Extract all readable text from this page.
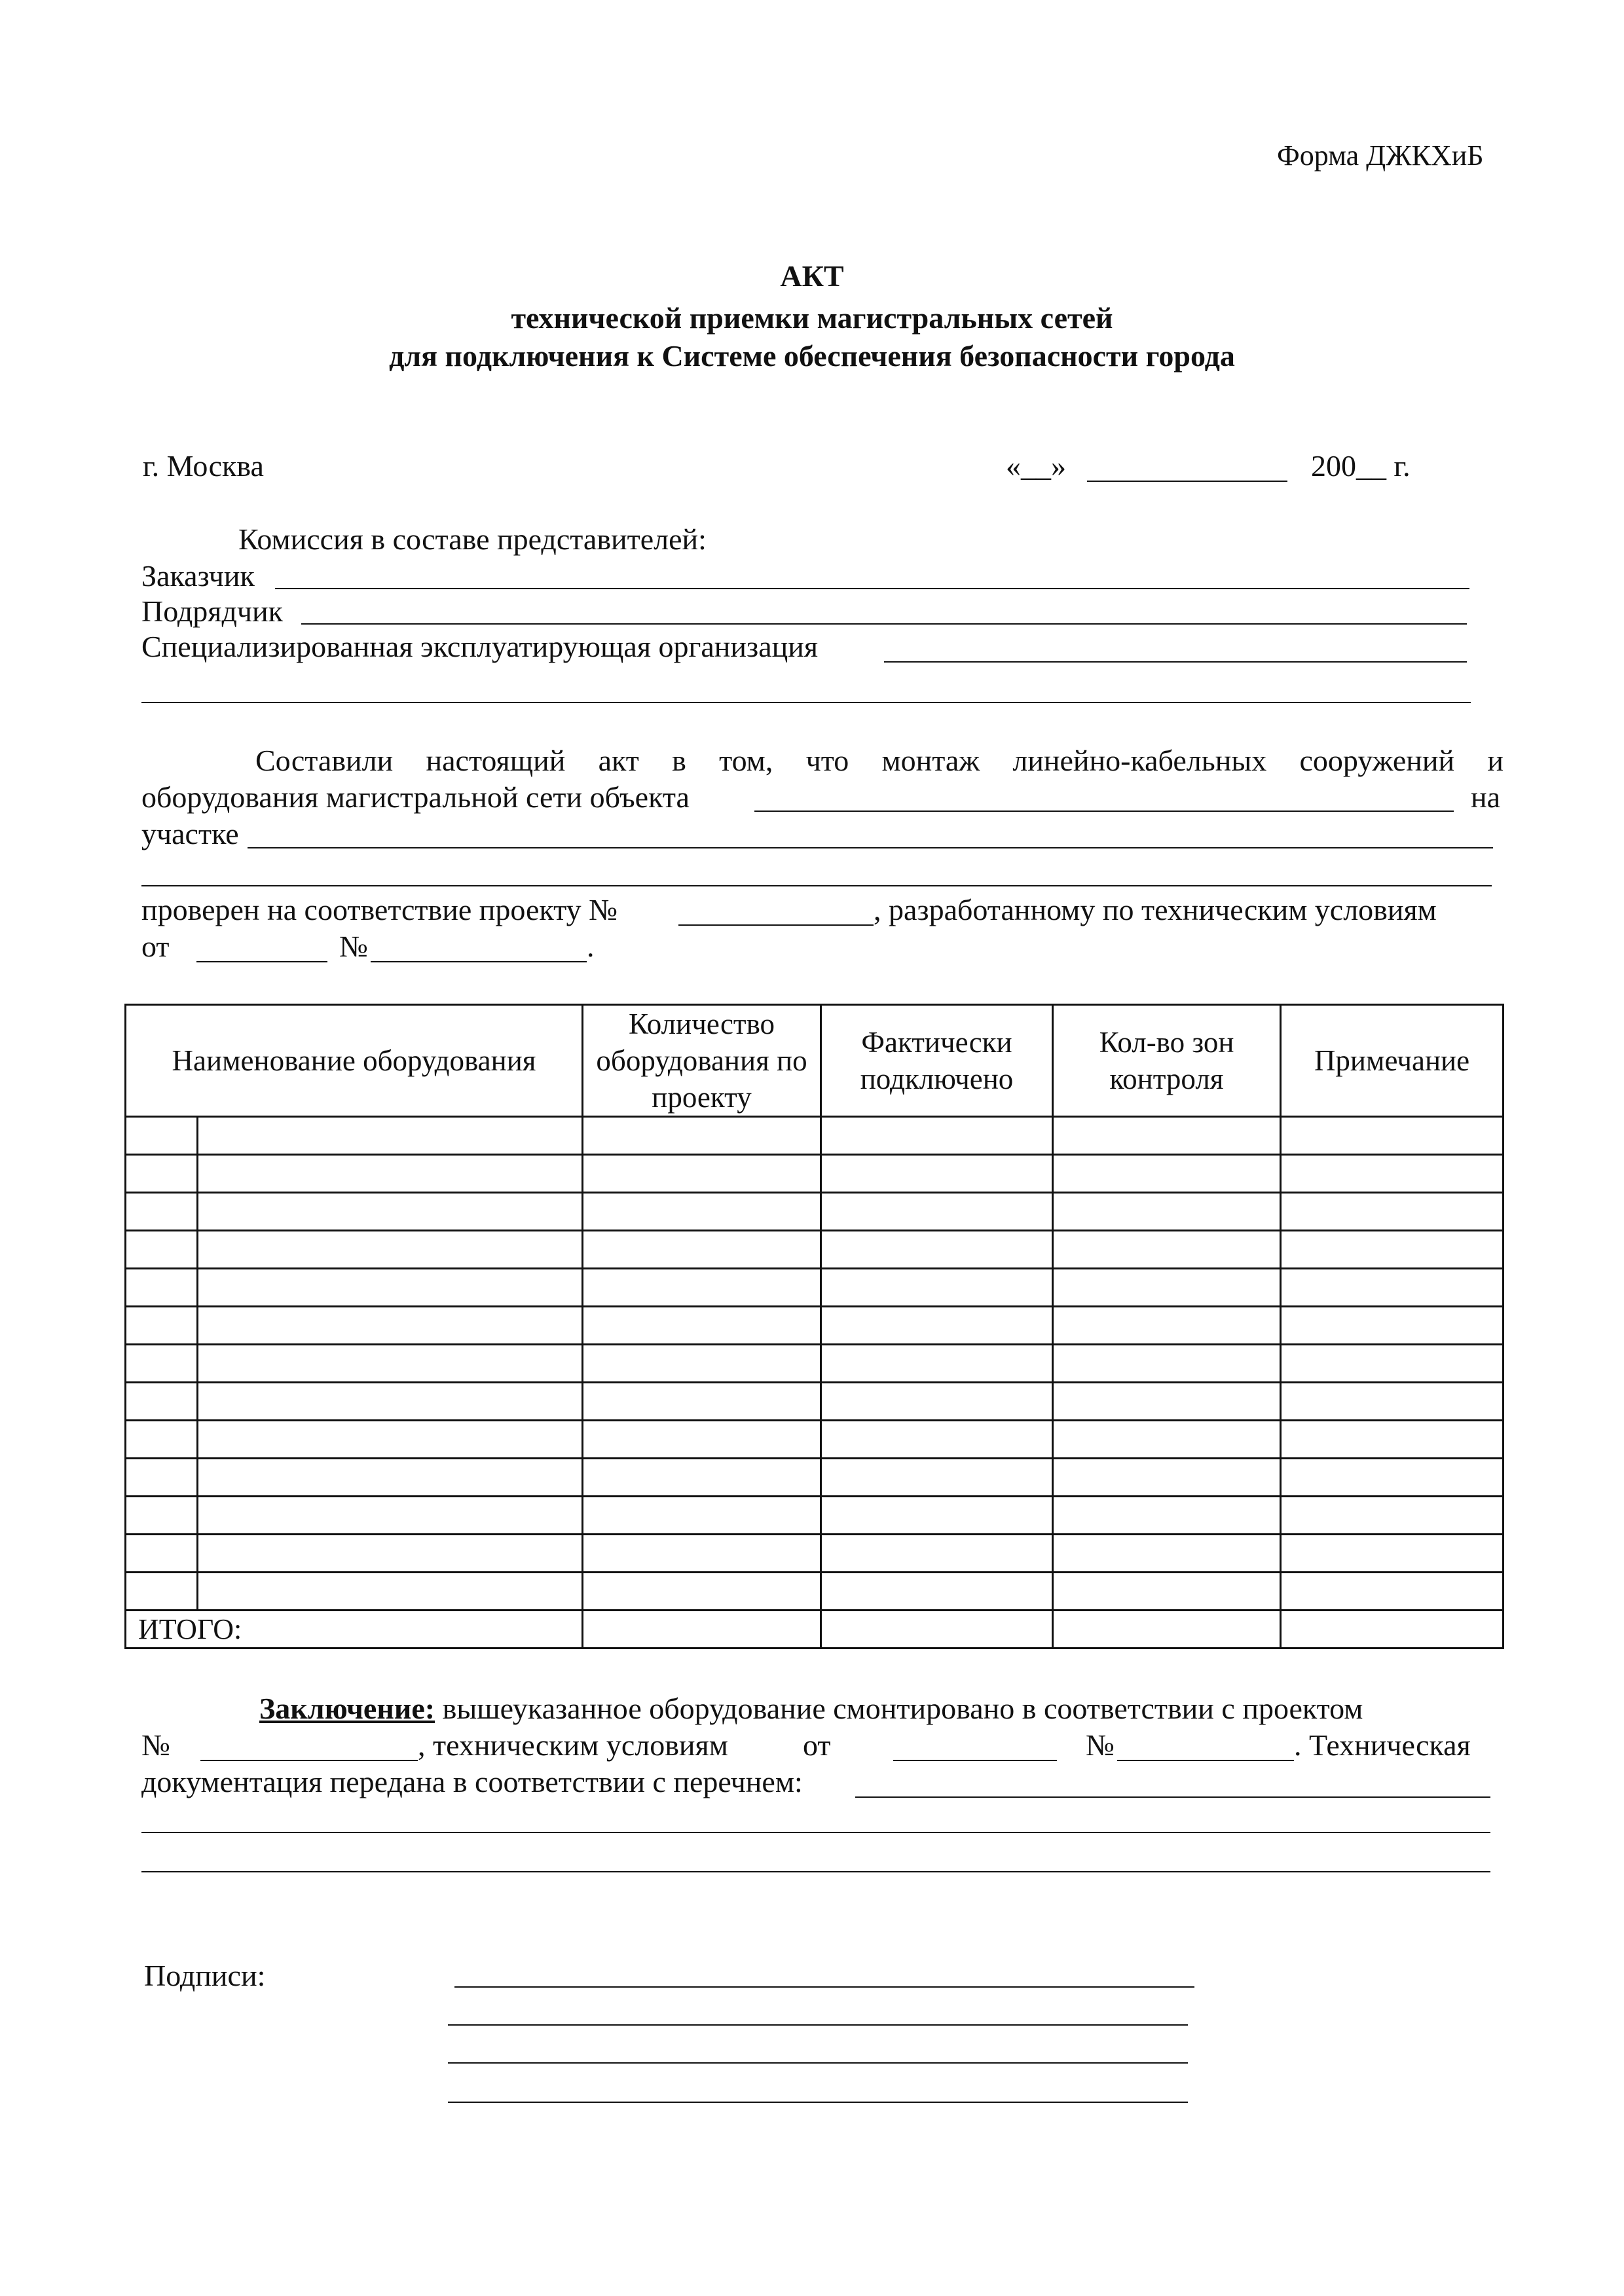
Форма ДЖКХиБ
АКТ
технической приемки магистральных сетей
для подключения к Системе обеспечения безопасности города
г. Москва	«__»	200__ г.
Комиссия в составе представителей:
Заказчик
Подрядчик
Специализированная эксплуатирующая организация
Составили настоящий акт в том, что монтаж линейно-кабельных сооружений и
оборудования магистральной сети объекта	на
участке
проверен на соответствие проекту №	, разработанному по техническим условиям
от	№	.
Наименование оборудования		Количество оборудования по проекту	Фактически подключено	Кол-во зон контроля	Примечание

ИТОГО:					
Заключение: вышеуказанное оборудование смонтировано в соответствии с проектом
№	, техническим условиям от	№	. Техническая
документация передана в соответствии с перечнем:
Подписи:
